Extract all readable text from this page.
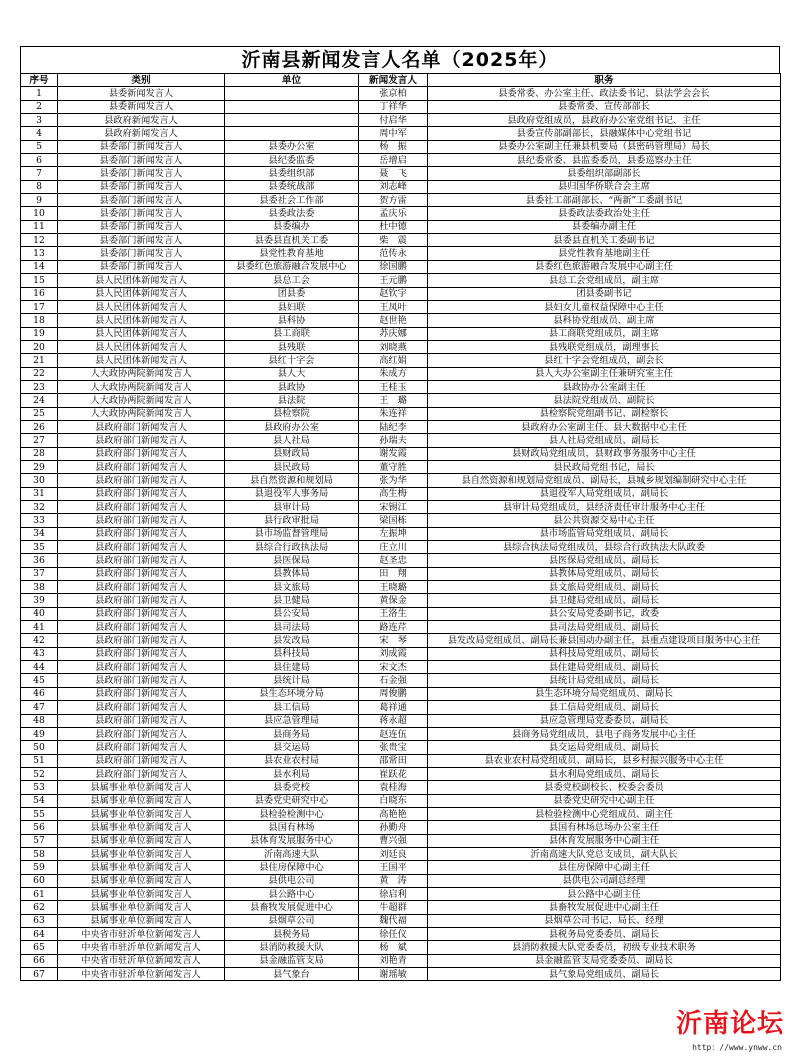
沂南县新闻发言人名单（2025年）
序号	类别	单位	新闻发言人	职务
1	县委新闻发言人		张京柏	县委常委、办公室主任、政法委书记、县法学会会长
2	县委新闻发言人		丁祥华	县委常委、宣传部部长
3	县政府新闻发言人		付启华	县政府党组成员，县政府办公室党组书记、主任
4	县政府新闻发言人		周中军	县委宣传部副部长，县融媒体中心党组书记
5	县委部门新闻发言人	县委办公室	杨　振	县委办公室副主任兼县机要局（县密码管理局）局长
6	县委部门新闻发言人	县纪委监委	岳增启	县纪委常委、县监委委员，县委巡察办主任
7	县委部门新闻发言人	县委组织部	聂　飞	县委组织部副部长
8	县委部门新闻发言人	县委统战部	刘志峰	县归国华侨联合会主席
9	县委部门新闻发言人	县委社会工作部	贺方雷	县委社工部副部长、“两新”工委副书记
10	县委部门新闻发言人	县委政法委	孟庆乐	县委政法委政治处主任
11	县委部门新闻发言人	县委编办	杜中德	县委编办副主任
12	县委部门新闻发言人	县委县直机关工委	柴　震	县委县直机关工委副书记
13	县委部门新闻发言人	县党性教育基地	范传永	县党性教育基地副主任
14	县委部门新闻发言人	县委红色旅游融合发展中心	徐国鹏	县委红色旅游融合发展中心副主任
15	县人民团体新闻发言人	县总工会	王元鹏	县总工会党组成员，副主席
16	县人民团体新闻发言人	团县委	赵钦宇	团县委副书记
17	县人民团体新闻发言人	县妇联	王凤叶	县妇女儿童权益保障中心主任
18	县人民团体新闻发言人	县科协	赵世艳	县科协党组成员、副主席
19	县人民团体新闻发言人	县工商联	苏庆娜	县工商联党组成员，副主席
20	县人民团体新闻发言人	县残联	刘晓燕	县残联党组成员，副理事长
21	县人民团体新闻发言人	县红十字会	高红娟	县红十字会党组成员，副会长
22	人大政协两院新闻发言人	县人大	朱成方	县人大办公室副主任兼研究室主任
23	人大政协两院新闻发言人	县政协	王桂玉	县政协办公室副主任
24	人大政协两院新闻发言人	县法院	王　璐	县法院党组成员、副院长
25	人大政协两院新闻发言人	县检察院	朱连祥	县检察院党组副书记、副检察长
26	县政府部门新闻发言人	县政府办公室	陆纪李	县政府办公室副主任、县大数据中心主任
27	县政府部门新闻发言人	县人社局	孙瑞夫	县人社局党组成员、副局长
28	县政府部门新闻发言人	县财政局	谢发霞	县财政局党组成员，县财政事务服务中心主任
29	县政府部门新闻发言人	县民政局	董守胜	县民政局党组书记，局长
30	县政府部门新闻发言人	县自然资源和规划局	张为华	县自然资源和规划局党组成员、副局长，县城乡规划编制研究中心主任
31	县政府部门新闻发言人	县退役军人事务局	高生梅	县退役军人局党组成员、副局长
32	县政府部门新闻发言人	县审计局	宋锡江	县审计局党组成员，县经济责任审计服务中心主任
33	县政府部门新闻发言人	县行政审批局	梁国栋	县公共资源交易中心主任
34	县政府部门新闻发言人	县市场监督管理局	左振坤	县市场监管局党组成员、副局长
35	县政府部门新闻发言人	县综合行政执法局	庄立川	县综合执法局党组成员，县综合行政执法大队政委
36	县政府部门新闻发言人	县医保局	赵圣忠	县医保局党组成员、副局长
37	县政府部门新闻发言人	县教体局	田　翔	县教体局党组成员、副局长
38	县政府部门新闻发言人	县文旅局	王晓璐	县文旅局党组成员、副局长
39	县政府部门新闻发言人	县卫健局	黄保金	县卫健局党组成员、副局长
40	县政府部门新闻发言人	县公安局	王洛生	县公安局党委副书记，政委
41	县政府部门新闻发言人	县司法局	路连芹	县司法局党组成员、副局长
42	县政府部门新闻发言人	县发改局	宋　琴	县发改局党组成员、副局长兼县国动办副主任，县重点建设项目服务中心主任
43	县政府部门新闻发言人	县科技局	刘成霞	县科技局党组成员、副局长
44	县政府部门新闻发言人	县住建局	宋文杰	县住建局党组成员、副局长
45	县政府部门新闻发言人	县统计局	石金强	县统计局党组成员、副局长
46	县政府部门新闻发言人	县生态环境分局	周俊鹏	县生态环境分局党组成员、副局长
47	县政府部门新闻发言人	县工信局	葛祥通	县工信局党组成员、副局长
48	县政府部门新闻发言人	县应急管理局	蒋永超	县应急管理局党委委员、副局长
49	县政府部门新闻发言人	县商务局	赵连伍	县商务局党组成员，县电子商务发展中心主任
50	县政府部门新闻发言人	县交运局	张贵宝	县交运局党组成员、副局长
51	县政府部门新闻发言人	县农业农村局	邵常田	县农业农村局党组成员、副局长，县乡村振兴服务中心主任
52	县政府部门新闻发言人	县水利局	崔跃花	县水利局党组成员、副局长
53	县属事业单位新闻发言人	县委党校	袁桂海	县委党校副校长、校委会委员
54	县属事业单位新闻发言人	县委党史研究中心	白晓东	县委党史研究中心副主任
55	县属事业单位新闻发言人	县检验检测中心	高艳艳	县检验检测中心党组成员、副主任
56	县属事业单位新闻发言人	县国有林场	孙勤舟	县国有林场总场办公室主任
57	县属事业单位新闻发言人	县体育发展服务中心	曹兴强	县体育发展服务中心副主任
58	县属事业单位新闻发言人	沂南高速大队	刘廷良	沂南高速大队党总支成员，副大队长
59	县属事业单位新闻发言人	县住房保障中心	王国平	县住房保障中心副主任
60	县属事业单位新闻发言人	县供电公司	黄　涛	县供电公司副总经理
61	县属事业单位新闻发言人	县公路中心	徐启利	县公路中心副主任
62	县属事业单位新闻发言人	县畜牧发展促进中心	牛超群	县畜牧发展促进中心副主任
63	县属事业单位新闻发言人	县烟草公司	魏代福	县烟草公司书记、局长、经理
64	中央省市驻沂单位新闻发言人	县税务局	徐任仪	县税务局党委委员、副局长
65	中央省市驻沂单位新闻发言人	县消防救援大队	杨　斌	县消防救援大队党委委员，初级专业技术职务
66	中央省市驻沂单位新闻发言人	县金融监管支局	刘艳青	县金融监管支局党委委员、副局长
67	中央省市驻沂单位新闻发言人	县气象台	谢瑶敏	县气象局党组成员、副局长
沂南论坛
http：//www.ynww.cn
